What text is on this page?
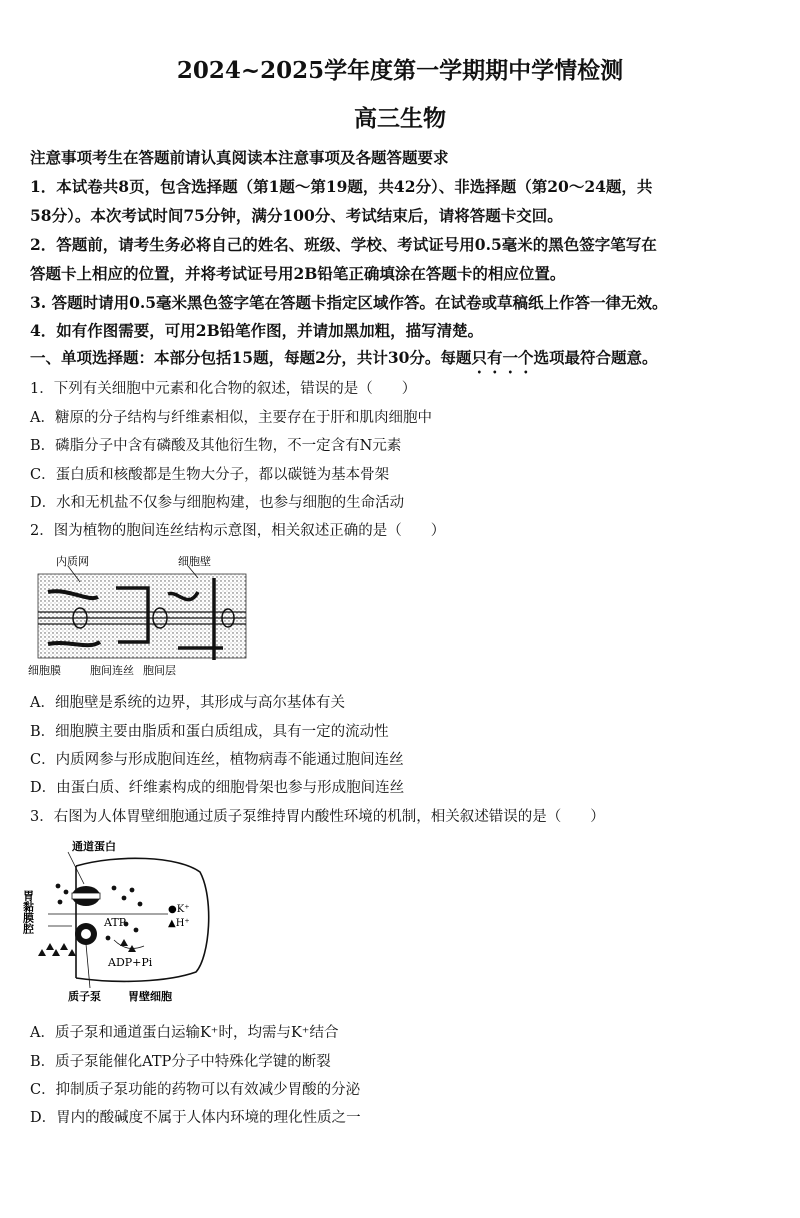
2024~2025学年度第一学期期中学情检测
高三生物
注意事项考生在答题前请认真阅读本注意事项及各题答题要求
1．本试卷共8页，包含选择题（第1题～第19题，共42分）、非选择题（第20～24题，共
58分）。本次考试时间75分钟，满分100分、考试结束后，请将答题卡交回。
2．答题前，请考生务必将自己的姓名、班级、学校、考试证号用0.5毫米的黑色签字笔写在
答题卡上相应的位置，并将考试证号用2B铅笔正确填涂在答题卡的相应位置。
3. 答题时请用0.5毫米黑色签字笔在答题卡指定区域作答。在试卷或草稿纸上作答一律无效。
4．如有作图需要，可用2B铅笔作图，并请加黑加粗，描写清楚。
一、单项选择题：本部分包括15题，每题2分，共计30分。每题只有一个选项最符合题意。
1．下列有关细胞中元素和化合物的叙述，错误的是（　　）
A．糖原的分子结构与纤维素相似，主要存在于肝和肌肉细胞中
B．磷脂分子中含有磷酸及其他衍生物，不一定含有N元素
C．蛋白质和核酸都是生物大分子，都以碳链为基本骨架
D．水和无机盐不仅参与细胞构建，也参与细胞的生命活动
2．图为植物的胞间连丝结构示意图，相关叙述正确的是（　　）
内质网	细胞壁
细胞膜	胞间连丝 胞间层
A．细胞壁是系统的边界，其形成与高尔基体有关
B．细胞膜主要由脂质和蛋白质组成，具有一定的流动性
C．内质网参与形成胞间连丝，植物病毒不能通过胞间连丝
D．由蛋白质、纤维素构成的细胞骨架也参与形成胞间连丝
3．右图为人体胃壁细胞通过质子泵维持胃内酸性环境的机制，相关叙述错误的是（　　）
通道蛋白
胃黏膜腔	ATP
ADP+Pi
●K⁺
▲H⁺
质子泵 胃壁细胞
A．质子泵和通道蛋白运输K⁺时，均需与K⁺结合
B．质子泵能催化ATP分子中特殊化学键的断裂
C．抑制质子泵功能的药物可以有效减少胃酸的分泌
D．胃内的酸碱度不属于人体内环境的理化性质之一
